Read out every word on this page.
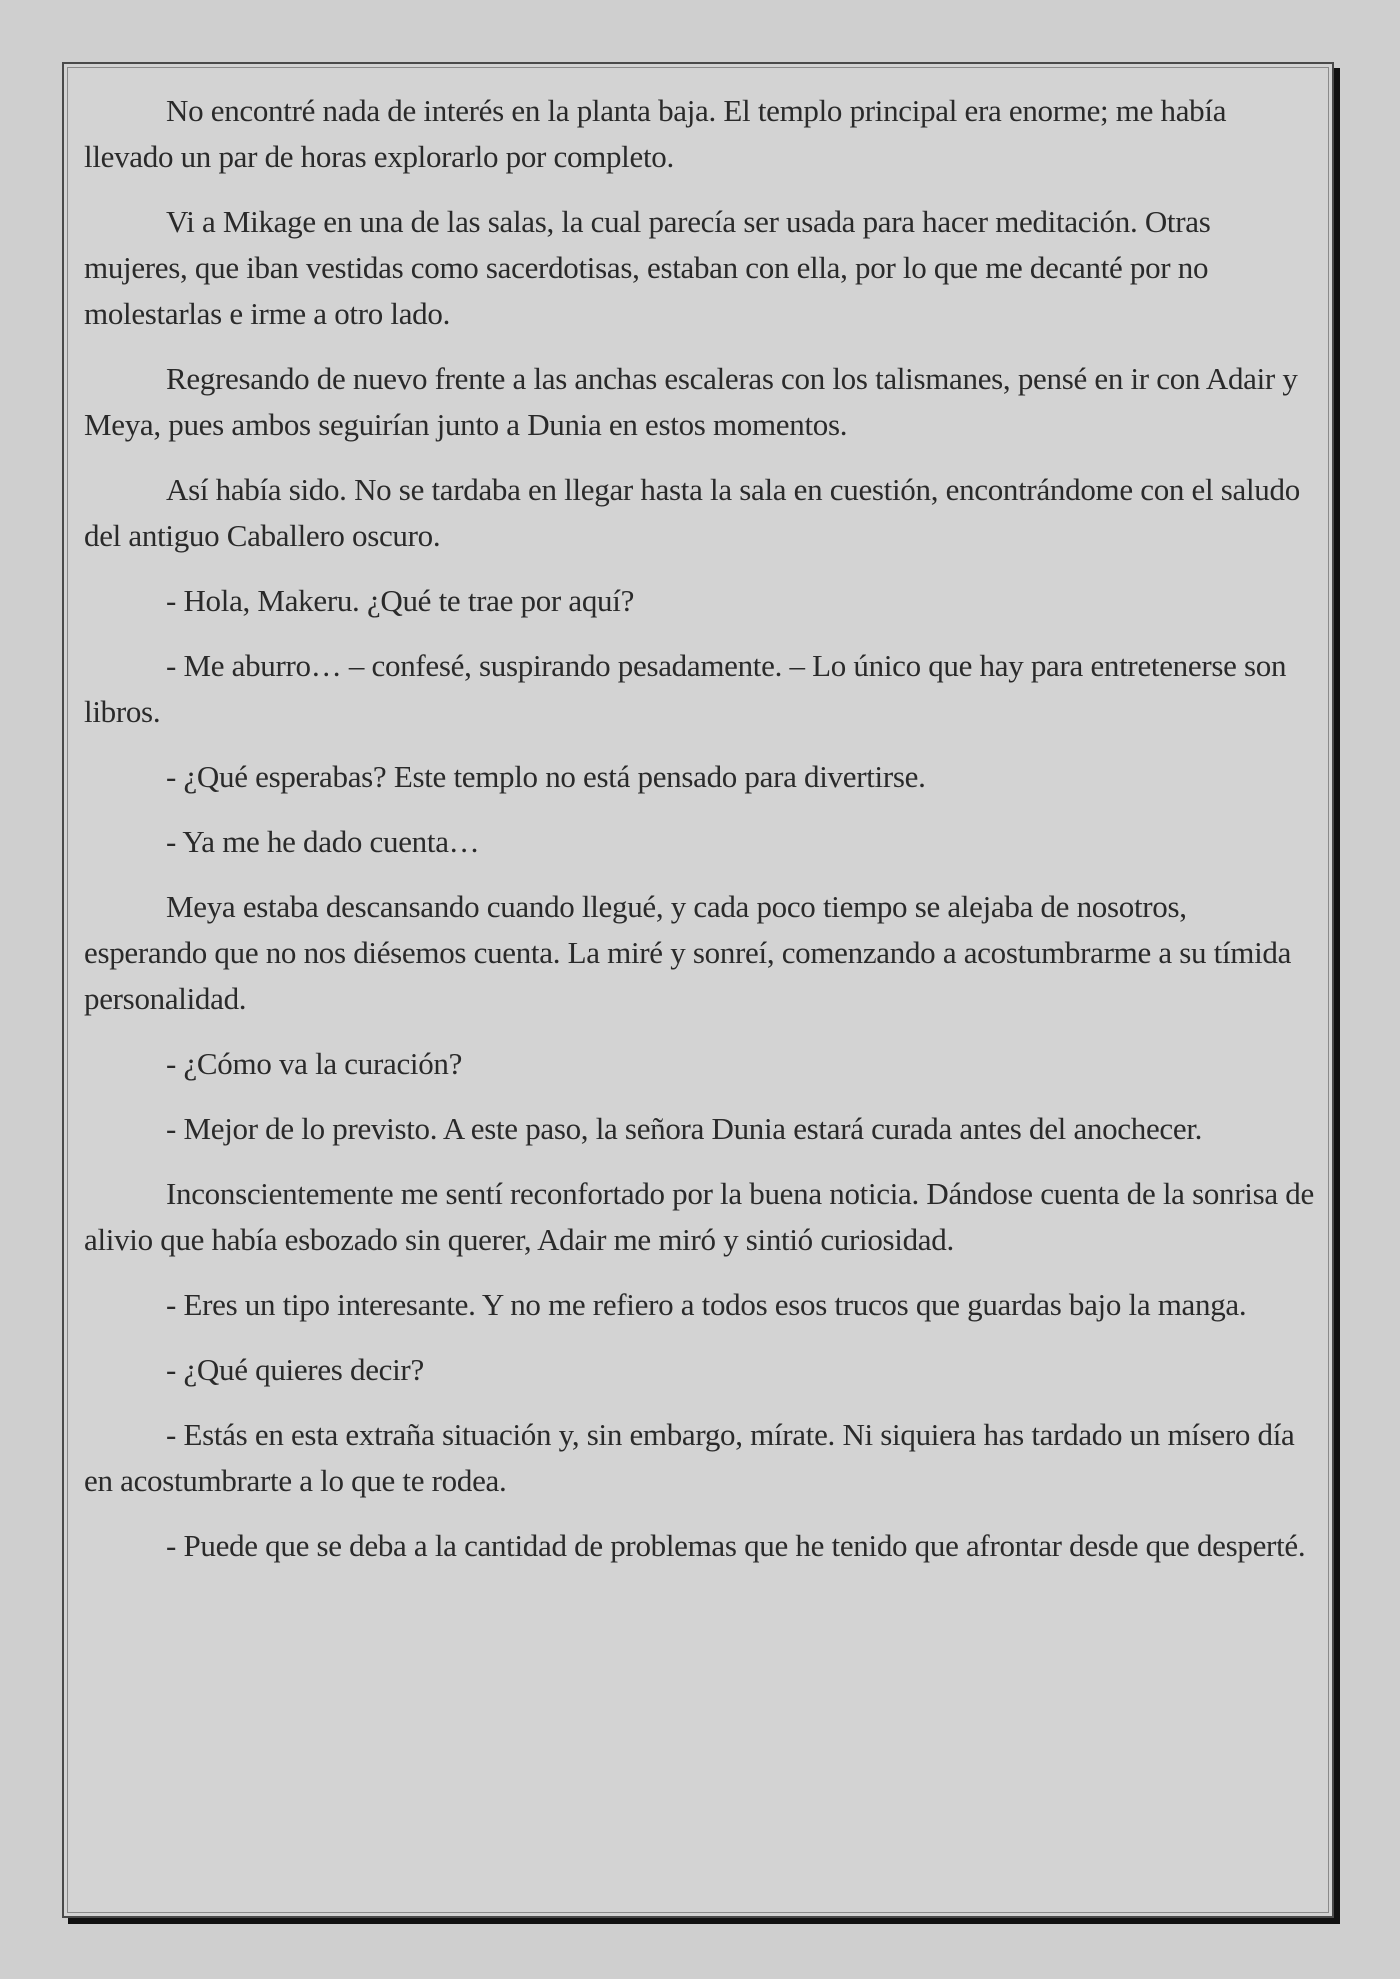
No encontré nada de interés en la planta baja. El templo principal era enorme; me había llevado un par de horas explorarlo por completo.

Vi a Mikage en una de las salas, la cual parecía ser usada para hacer meditación. Otras mujeres, que iban vestidas como sacerdotisas, estaban con ella, por lo que me decanté por no molestarlas e irme a otro lado.

Regresando de nuevo frente a las anchas escaleras con los talismanes, pensé en ir con Adair y Meya, pues ambos seguirían junto a Dunia en estos momentos.

Así había sido. No se tardaba en llegar hasta la sala en cuestión, encontrándome con el saludo del antiguo Caballero oscuro.

- Hola, Makeru. ¿Qué te trae por aquí?

- Me aburro… – confesé, suspirando pesadamente. – Lo único que hay para entretenerse son libros.

- ¿Qué esperabas? Este templo no está pensado para divertirse.

- Ya me he dado cuenta…

Meya estaba descansando cuando llegué, y cada poco tiempo se alejaba de nosotros, esperando que no nos diésemos cuenta. La miré y sonreí, comenzando a acostumbrarme a su tímida personalidad.

- ¿Cómo va la curación?

- Mejor de lo previsto. A este paso, la señora Dunia estará curada antes del anochecer.

Inconscientemente me sentí reconfortado por la buena noticia. Dándose cuenta de la sonrisa de alivio que había esbozado sin querer, Adair me miró y sintió curiosidad.

- Eres un tipo interesante. Y no me refiero a todos esos trucos que guardas bajo la manga.

- ¿Qué quieres decir?

- Estás en esta extraña situación y, sin embargo, mírate. Ni siquiera has tardado un mísero día en acostumbrarte a lo que te rodea.

- Puede que se deba a la cantidad de problemas que he tenido que afrontar desde que desperté.
